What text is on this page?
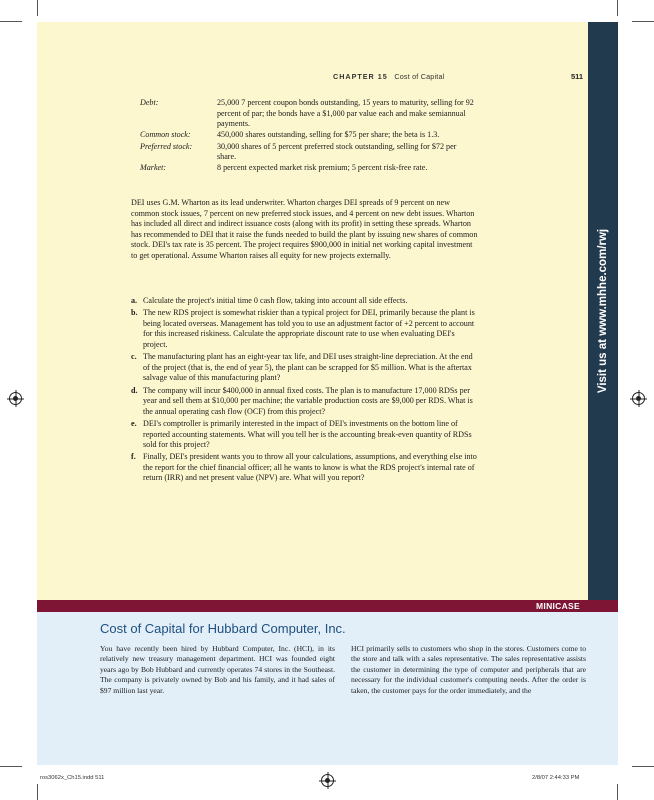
Visit us at www.mhhe.com/rwj
CHAPTER 15 Cost of Capital	511
Debt:	25,000 7 percent coupon bonds outstanding, 15 years to maturity, selling for 92 percent of par; the bonds have a $1,000 par value each and make semiannual payments.
Common stock:	450,000 shares outstanding, selling for $75 per share; the beta is 1.3.
Preferred stock:	30,000 shares of 5 percent preferred stock outstanding, selling for $72 per share.
Market:	8 percent expected market risk premium; 5 percent risk-free rate.

DEI uses G.M. Wharton as its lead underwriter. Wharton charges DEI spreads of 9 percent on new common stock issues, 7 percent on new preferred stock issues, and 4 percent on new debt issues. Wharton has included all direct and indirect issuance costs (along with its profit) in setting these spreads. Wharton has recommended to DEI that it raise the funds needed to build the plant by issuing new shares of common stock. DEI's tax rate is 35 percent. The project requires $900,000 in initial net working capital investment to get operational. Assume Wharton raises all equity for new projects externally.

a. Calculate the project's initial time 0 cash flow, taking into account all side effects.
b. The new RDS project is somewhat riskier than a typical project for DEI, primarily because the plant is being located overseas. Management has told you to use an adjustment factor of +2 percent to account for this increased riskiness. Calculate the appropriate discount rate to use when evaluating DEI's project.
c. The manufacturing plant has an eight-year tax life, and DEI uses straight-line depreciation. At the end of the project (that is, the end of year 5), the plant can be scrapped for $5 million. What is the aftertax salvage value of this manufacturing plant?
d. The company will incur $400,000 in annual fixed costs. The plan is to manufacture 17,000 RDSs per year and sell them at $10,000 per machine; the variable production costs are $9,000 per RDS. What is the annual operating cash flow (OCF) from this project?
e. DEI's comptroller is primarily interested in the impact of DEI's investments on the bottom line of reported accounting statements. What will you tell her is the accounting break-even quantity of RDSs sold for this project?
f. Finally, DEI's president wants you to throw all your calculations, assumptions, and everything else into the report for the chief financial officer; all he wants to know is what the RDS project's internal rate of return (IRR) and net present value (NPV) are. What will you report?
MINICASE
Cost of Capital for Hubbard Computer, Inc.

You have recently been hired by Hubbard Computer, Inc. (HCI), in its relatively new treasury management department. HCI was founded eight years ago by Bob Hubbard and currently operates 74 stores in the Southeast. The company is privately owned by Bob and his family, and it had sales of $97 million last year.

HCI primarily sells to customers who shop in the stores. Customers come to the store and talk with a sales representative. The sales representative assists the customer in determining the type of computer and peripherals that are necessary for the individual customer's computing needs. After the order is taken, the customer pays for the order immediately, and the

ros3062x_Ch15.indd 511	2/8/07 2:44:33 PM
